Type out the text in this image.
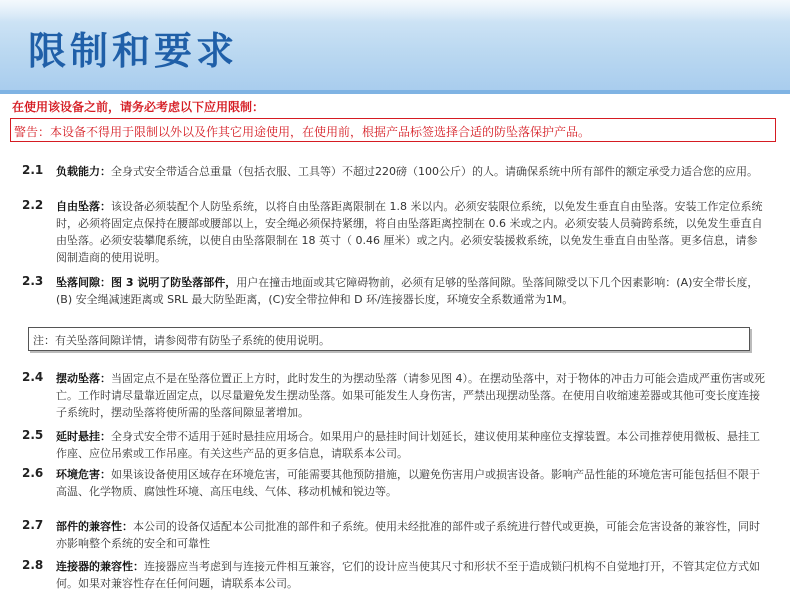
限制和要求

在使用该设备之前，请务必考虑以下应用限制：

警告：本设备不得用于限制以外以及作其它用途使用，在使用前，根据产品标签选择合适的防坠落保护产品。
2.1 负载能力：全身式安全带适合总重量（包括衣服、工具等）不超过220磅（100公斤）的人。请确保系统中所有部件的额定承受力适合您的应用。
2.2 自由坠落：该设备必须装配个人防坠系统，以将自由坠落距离限制在 1.8 米以内。必须安装限位系统，以免发生垂直自由坠落。安装工作定位系统时，必须将固定点保持在腰部或腰部以上，安全绳必须保持紧绷，将自由坠落距离控制在 0.6 米或之内。必须安装人员骑跨系统，以免发生垂直自由坠落。必须安装攀爬系统，以使自由坠落限制在 18 英寸（ 0.46 厘米）或之内。必须安装援救系统，以免发生垂直自由坠落。更多信息，请参阅制造商的使用说明。
2.3 坠落间隙：图 3 说明了防坠落部件，用户在撞击地面或其它障碍物前，必须有足够的坠落间隙。坠落间隙受以下几个因素影响：(A)安全带长度，(B) 安全绳减速距离或 SRL 最大防坠距离，(C)安全带拉伸和 D 环/连接器长度，环境安全系数通常为1M。
注：有关坠落间隙详情，请参阅带有防坠子系统的使用说明。
2.4 摆动坠落：当固定点不是在坠落位置正上方时，此时发生的为摆动坠落（请参见图 4）。在摆动坠落中，对于物体的冲击力可能会造成严重伤害或死亡。工作时请尽量靠近固定点，以尽量避免发生摆动坠落。如果可能发生人身伤害，严禁出现摆动坠落。在使用自收缩速差器或其他可变长度连接子系统时，摆动坠落将使所需的坠落间隙显著增加。
2.5 延时悬挂：全身式安全带不适用于延时悬挂应用场合。如果用户的悬挂时间计划延长，建议使用某种座位支撑装置。本公司推荐使用微板、悬挂工作座、应位吊索或工作吊座。有关这些产品的更多信息，请联系本公司。
2.6 环境危害：如果该设备使用区域存在环境危害，可能需要其他预防措施，以避免伤害用户或损害设备。影响产品性能的环境危害可能包括但不限于高温、化学物质、腐蚀性环境、高压电线、气体、移动机械和锐边等。
2.7 部件的兼容性：本公司的设备仅适配本公司批准的部件和子系统。使用未经批准的部件或子系统进行替代或更换，可能会危害设备的兼容性，同时亦影响整个系统的安全和可靠性
2.8 连接器的兼容性：连接器应当考虑到与连接元件相互兼容，它们的设计应当使其尺寸和形状不至于造成锁闩机构不自觉地打开，不管其定位方式如何。如果对兼容性存在任何问题，请联系本公司。
